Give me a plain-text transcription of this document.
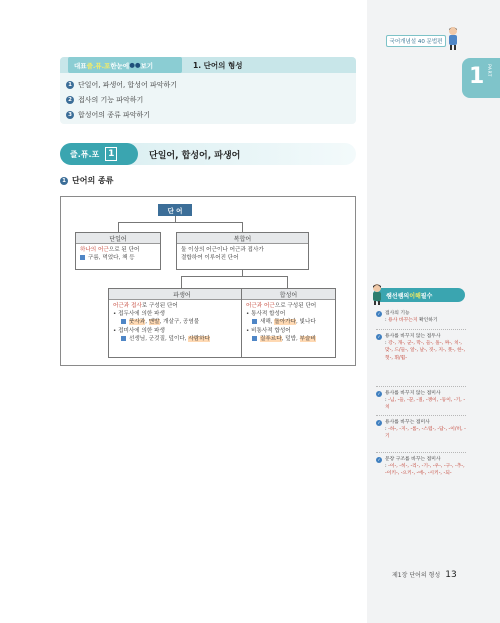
국어개념설 40 문법편
PART
1
대표 즐.퓨.포 한눈에 ●● 보기	1. 단어의 형성
1 단일어, 파생어, 합성어 파악하기
2 접사의 기능 파악하기
3 합성어의 종류 파악하기
즐.퓨.포 1	단일어, 합성어, 파생어
1 단어의 종류
단 어
단일어
하나의 어근으로 된 단어
구름, 먹었다, 책 등
복합어
둘 이상의 어근이나 어근과 접사가
결합하여 이루어진 단어
파생어
어근과 접사로 구성된 단어
• 접두사에 의한 파생
풋사과, 맨발, 개살구, 공염불
• 접미사에 의한 파생
선생님, 군것질, 덮이다, 사람하다
합성어
어근과 어근으로 구성된 단어
• 통사적 합성어
새해, 돌아가다, 빛나다
• 비통사적 합성어
질푸르다, 덮밥, 부슬비
쌤선쌤의 이해 필수
✓ 접사의 기능
: 용사 바꾸는지 확인하기
✓ 용사를 바꾸지 않는 접두사
: 강-, 개-, 군-, 막-, 들-, 돌-, 짜-, 치-, 맞-, 드/들-, 알-, 날-, 짓-, 지-, 풋-, 한-, 헛-, 휘/휩-
✓ 용사를 바꾸지 않는 접미사
: -님, -들, -꾼, -질, -쟁이, -둥이, -기, -치
✓ 용사를 바꾸는 접미사
: -하-, -지-, -롭-, -스럽-, -답-, -이/히, -기
✓ 문장 구조를 바꾸는 접미사
: -이-, -히-, -리-, -기-, -우-, -구-, -추-, -이키-, -으키-, -애-, -시키-, -되-
제1장 단어의 형성 13
